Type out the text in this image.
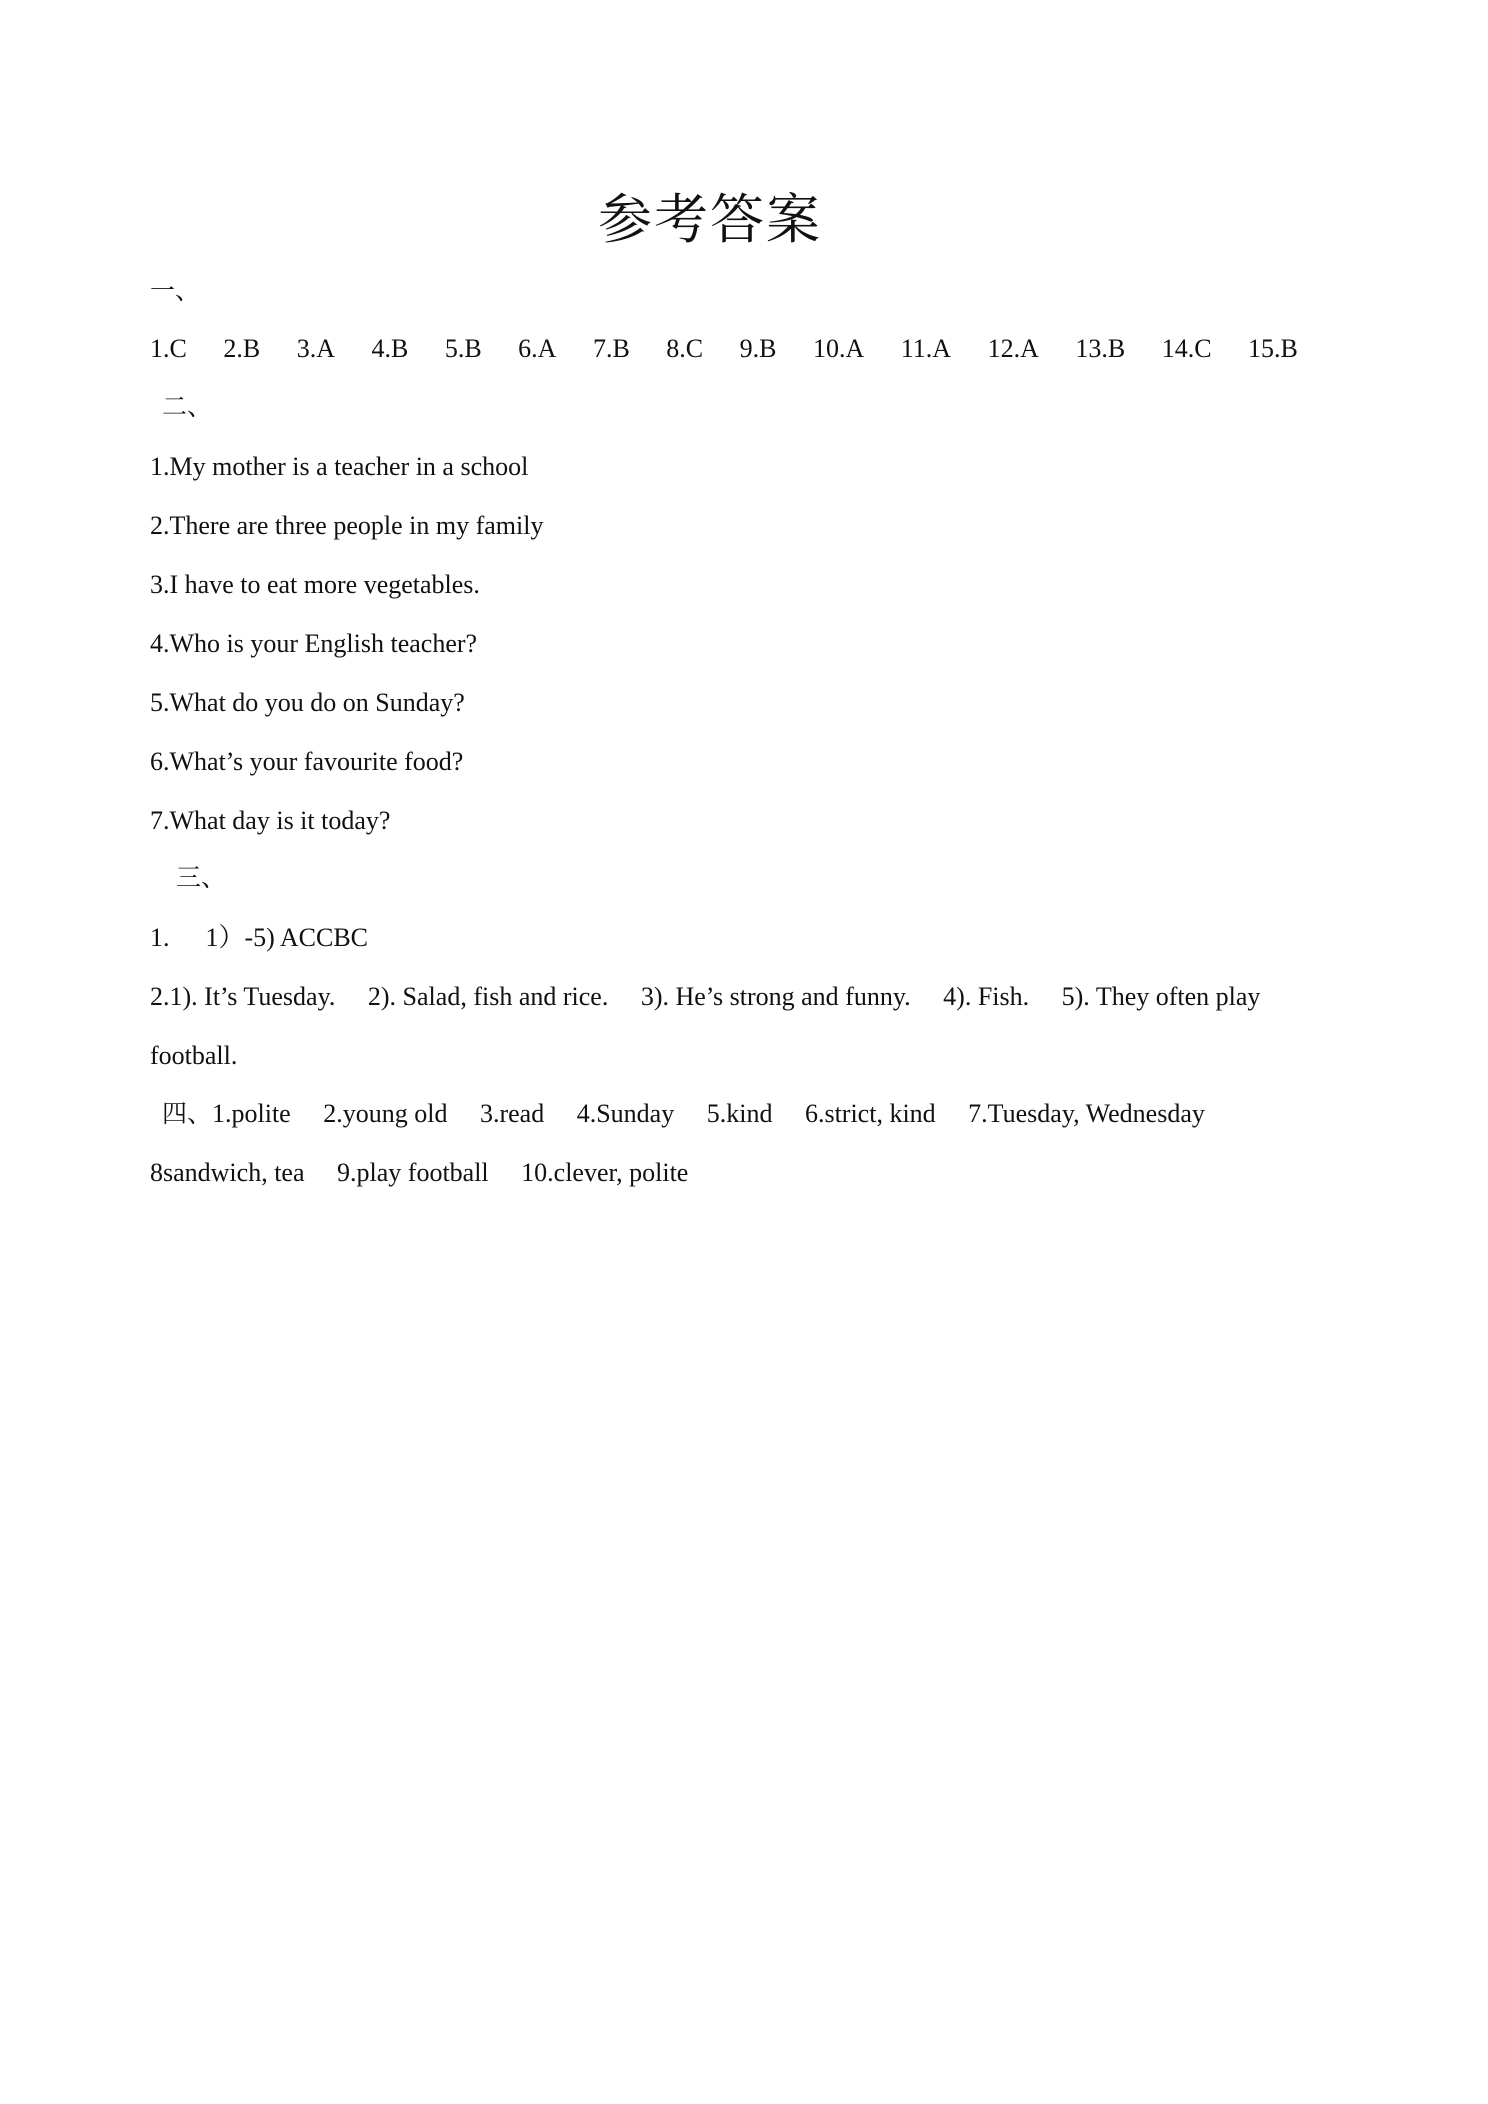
参考答案
一、
1.C 2.B 3.A 4.B 5.B 6.A 7.B 8.C 9.B 10.A 11.A 12.A 13.B 14.C 15.B
二、
1.My mother is a teacher in a school
2.There are three people in my family
3.I have to eat more vegetables.
4.Who is your English teacher?
5.What do you do on Sunday?
6.What’s your favourite food?
7.What day is it today?
三、
1. 1）-5) ACCBC
2.1). It’s Tuesday. 2). Salad, fish and rice. 3). He’s strong and funny. 4). Fish. 5). They often play
football.
四、1.polite 2.young old 3.read 4.Sunday 5.kind 6.strict, kind 7.Tuesday, Wednesday
8sandwich, tea 9.play football 10.clever, polite
